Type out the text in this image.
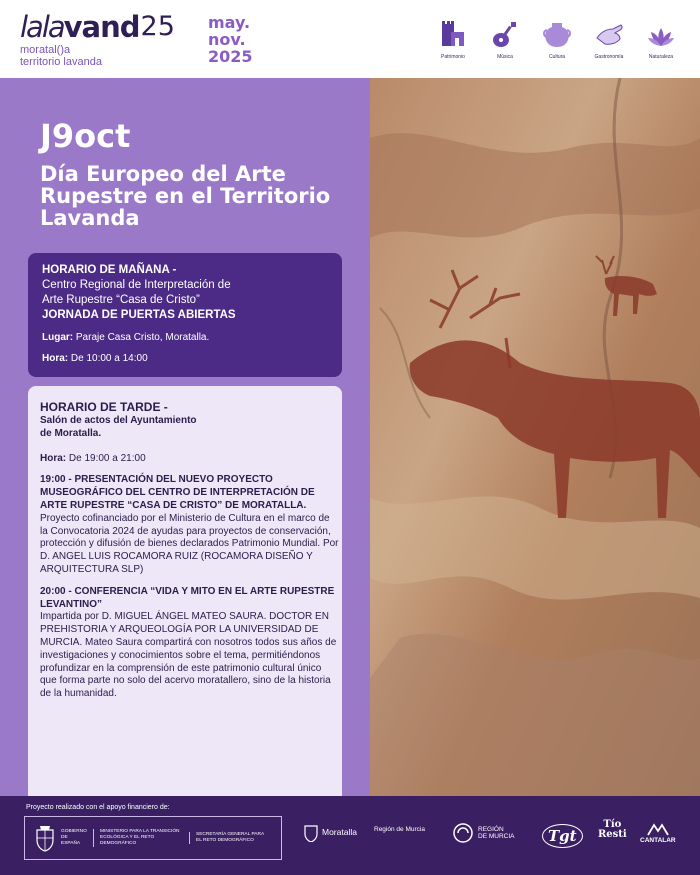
lalavand 25
moratal()a
territorio lavanda
may.
nov.
2025	Patrimonio	Música	Cultura	Gastronomía	Naturaleza
J9oct
Día Europeo del Arte Rupestre en el Territorio Lavanda
HORARIO DE MAÑANA -
Centro Regional de Interpretación de
Arte Rupestre “Casa de Cristo”
JORNADA DE PUERTAS ABIERTAS
Lugar: Paraje Casa Cristo, Moratalla.
Hora: De 10:00 a 14:00
HORARIO DE TARDE -
Salón de actos del Ayuntamiento
de Moratalla.
Hora: De 19:00 a 21:00
19:00 - PRESENTACIÓN DEL NUEVO PROYECTO MUSEOGRÁFICO DEL CENTRO DE INTERPRETACIÓN DE ARTE RUPESTRE “CASA DE CRISTO” DE MORATALLA.
Proyecto cofinanciado por el Ministerio de Cultura en el marco de la Convocatoria 2024 de ayudas para proyectos de conservación, protección y difusión de bienes declarados Patrimonio Mundial. Por D. ANGEL LUIS ROCAMORA RUIZ (ROCAMORA DISEÑO Y ARQUITECTURA SLP)
20:00 - CONFERENCIA “VIDA Y MITO EN EL ARTE RUPESTRE LEVANTINO”
Impartida por D. MIGUEL ÁNGEL MATEO SAURA. DOCTOR EN PREHISTORIA Y ARQUEOLOGÍA POR LA UNIVERSIDAD DE MURCIA. Mateo Saura compartirá con nosotros todos sus años de investigaciones y conocimientos sobre el tema, permitiéndonos profundizar en la comprensión de este patrimonio cultural único que forma parte no solo del acervo moratallero, sino de la historia de la humanidad.
Proyecto realizado con el apoyo financiero de:
GOBIERNO DE ESPAÑA
MINISTERIO PARA LA TRANSICIÓN ECOLÓGICA Y EL RETO DEMOGRÁFICO
SECRETARÍA GENERAL PARA EL RETO DEMOGRÁFICO
Moratalla	Región de Murcia	REGIÓN
DE MURCIA	Tgt
Tío
Resti
CANTALAR
